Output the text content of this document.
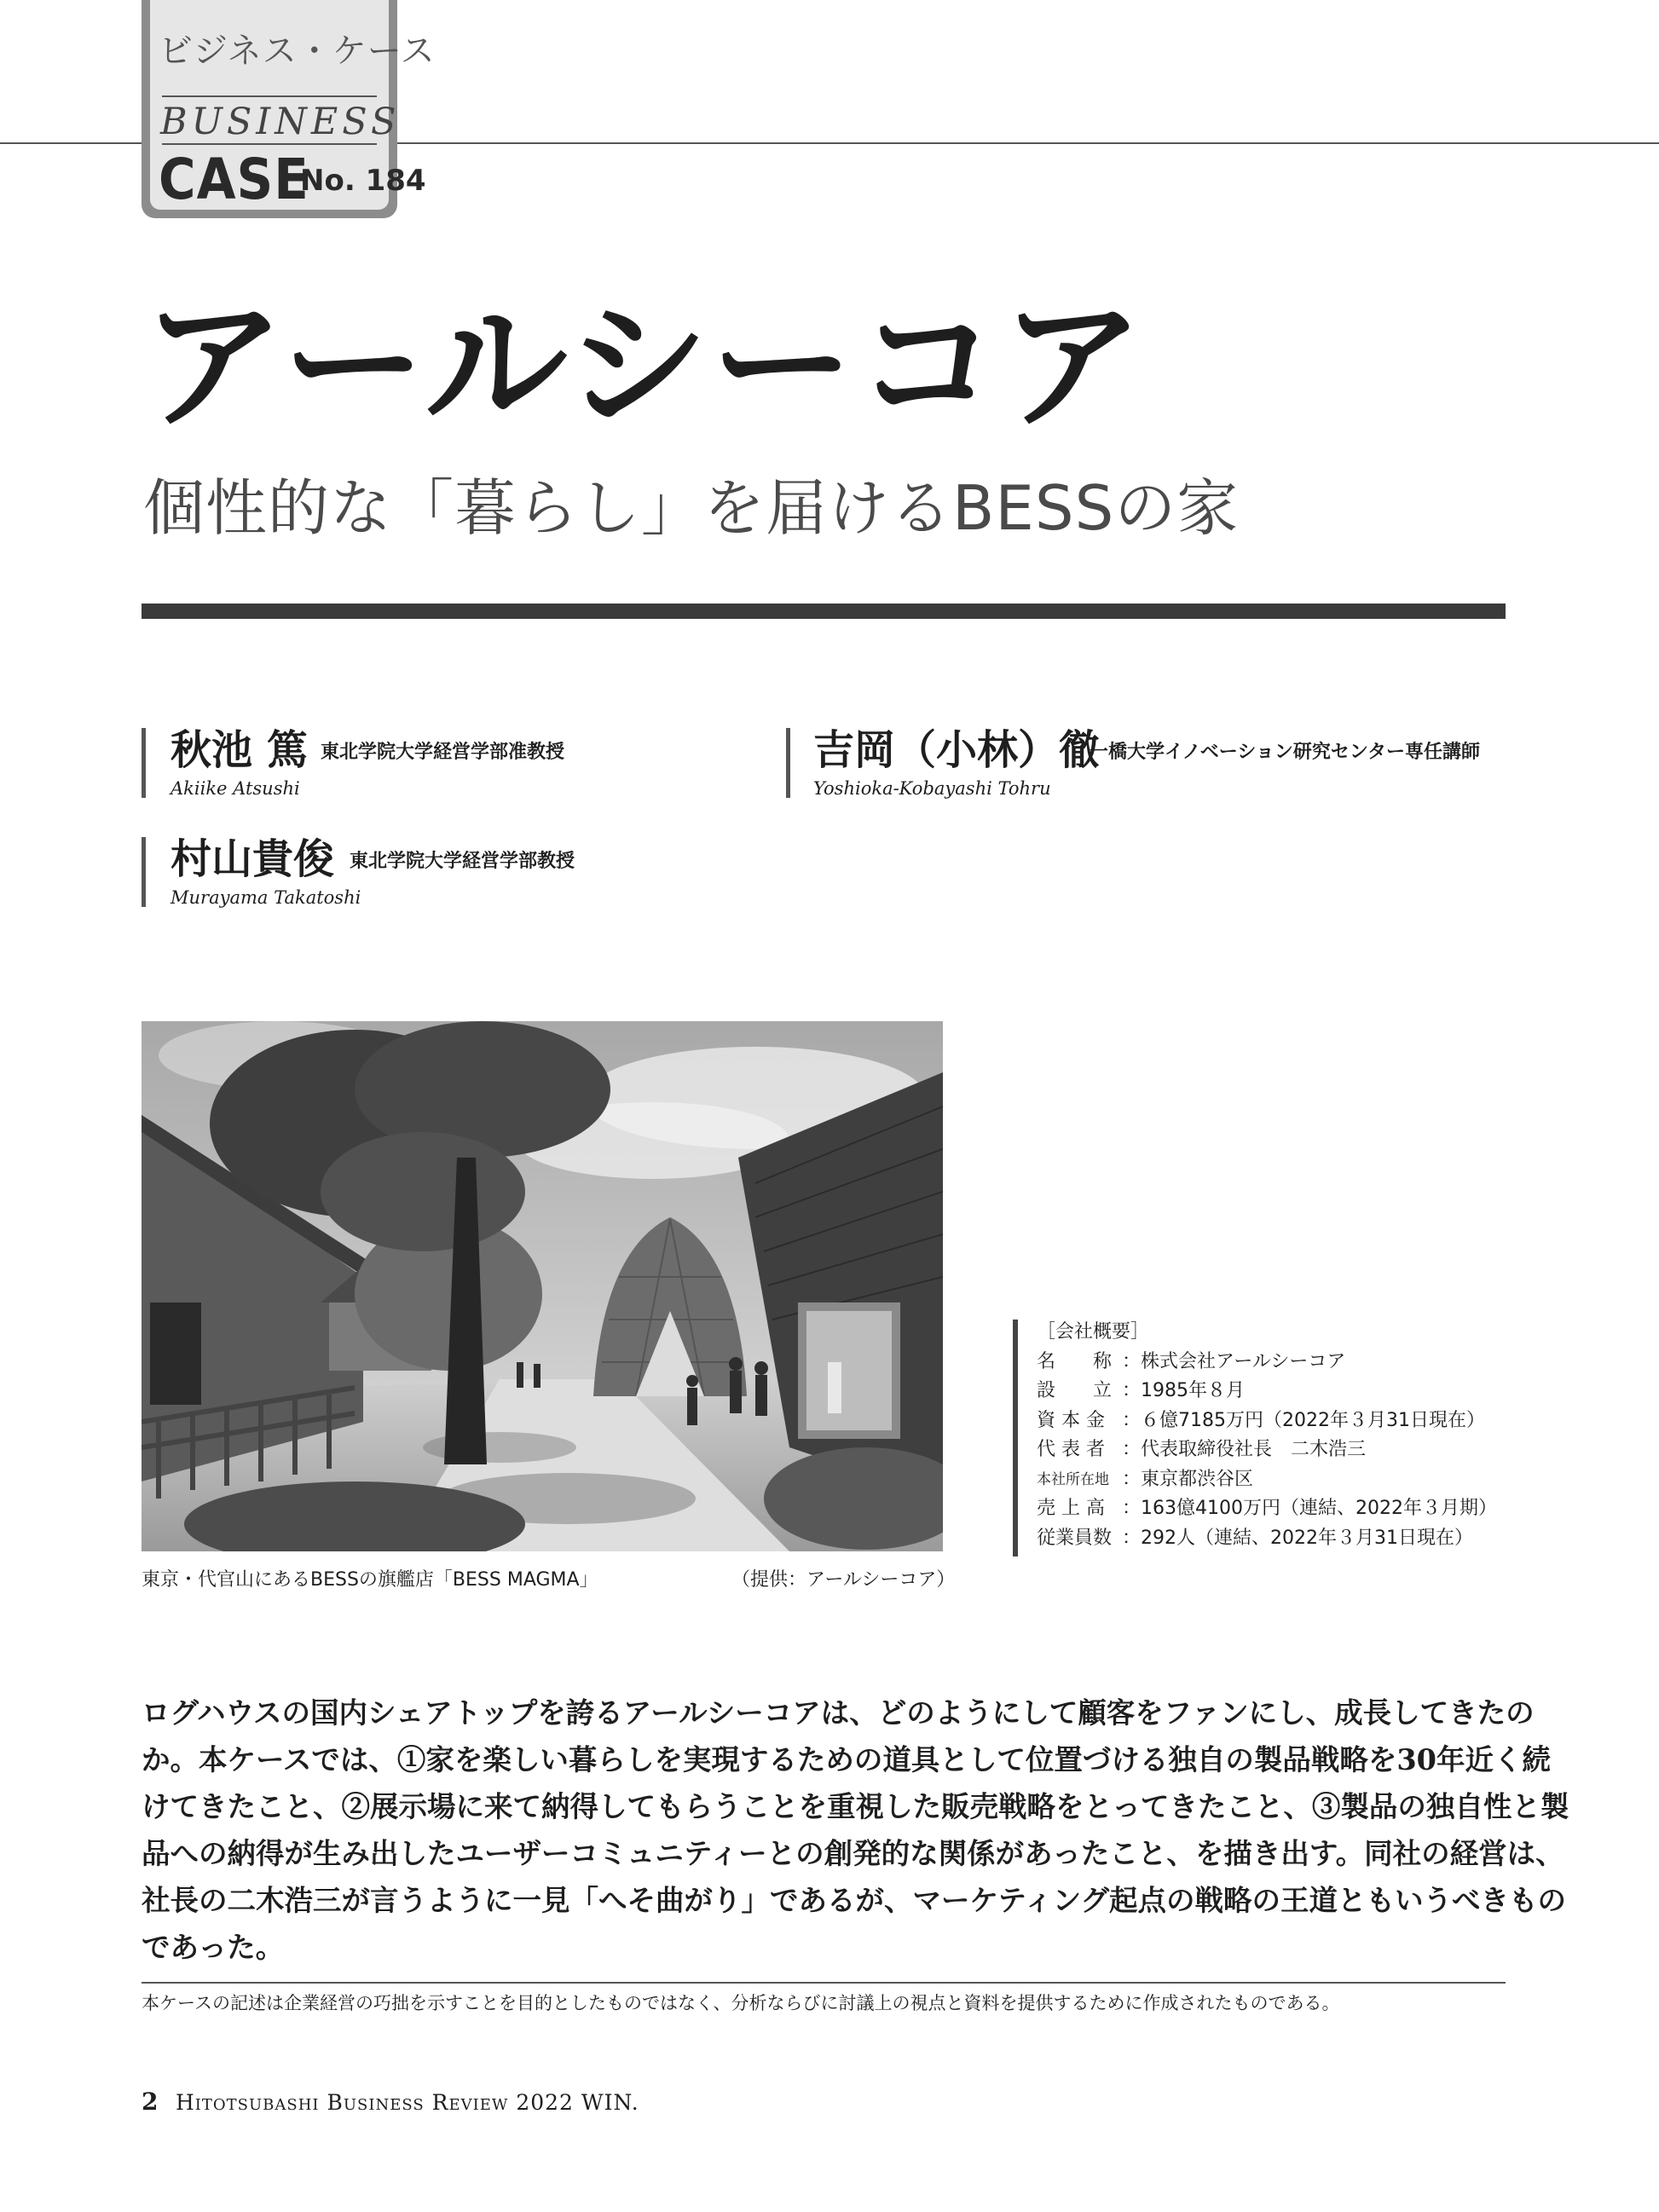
ビジネス・ケース
BUSINESS
CASE
No. 184
アールシーコア
個性的な「暮らし」を届けるBESSの家
秋池 篤 東北学院大学経営学部准教授
Akiike Atsushi
吉岡（小林）徹
一橋大学イノベーション研究センター専任講師
Yoshioka-Kobayashi Tohru
村山貴俊 東北学院大学経営学部教授
Murayama Takatoshi
東京・代官山にあるBESSの旗艦店「BESS MAGMA」	（提供：アールシーコア）
［会社概要］
名　　称 ：株式会社アールシーコア
設　　立 ：1985年８月
資 本 金 ：６億7185万円（2022年３月31日現在）
代 表 者 ：代表取締役社長　二木浩三
本社所在地 ：東京都渋谷区
売 上 高 ：163億4100万円（連結、2022年３月期）
従業員数 ：292人（連結、2022年３月31日現在）
ログハウスの国内シェアトップを誇るアールシーコアは、どのようにして顧客をファンにし、成長してきたの
か。本ケースでは、①家を楽しい暮らしを実現するための道具として位置づける独自の製品戦略を30年近く続
けてきたこと、②展示場に来て納得してもらうことを重視した販売戦略をとってきたこと、③製品の独自性と製
品への納得が生み出したユーザーコミュニティーとの創発的な関係があったこと、を描き出す。同社の経営は、
社長の二木浩三が言うように一見「へそ曲がり」であるが、マーケティング起点の戦略の王道ともいうべきもの
であった。
本ケースの記述は企業経営の巧拙を示すことを目的としたものではなく、分析ならびに討議上の視点と資料を提供するために作成されたものである。
2 Hitotsubashi Business Review 2022 WIN.
